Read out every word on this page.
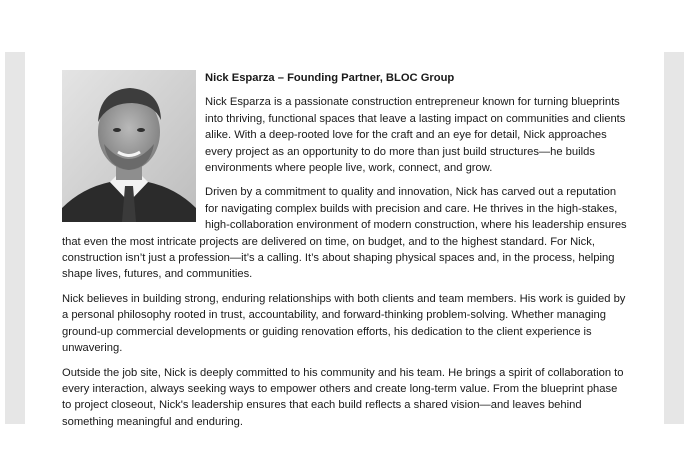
Nick Esparza – Founding Partner, BLOC Group

Nick Esparza is a passionate construction entrepreneur known for turning blueprints into thriving, functional spaces that leave a lasting impact on communities and clients alike. With a deep-rooted love for the craft and an eye for detail, Nick approaches every project as an opportunity to do more than just build structures—he builds environments where people live, work, connect, and grow.

Driven by a commitment to quality and innovation, Nick has carved out a reputation for navigating complex builds with precision and care. He thrives in the high-stakes, high-collaboration environment of modern construction, where his leadership ensures that even the most intricate projects are delivered on time, on budget, and to the highest standard. For Nick, construction isn’t just a profession—it’s a calling. It’s about shaping physical spaces and, in the process, helping shape lives, futures, and communities.

Nick believes in building strong, enduring relationships with both clients and team members. His work is guided by a personal philosophy rooted in trust, accountability, and forward-thinking problem-solving. Whether managing ground-up commercial developments or guiding renovation efforts, his dedication to the client experience is unwavering.

Outside the job site, Nick is deeply committed to his community and his team. He brings a spirit of collaboration to every interaction, always seeking ways to empower others and create long-term value. From the blueprint phase to project closeout, Nick's leadership ensures that each build reflects a shared vision—and leaves behind something meaningful and enduring.
